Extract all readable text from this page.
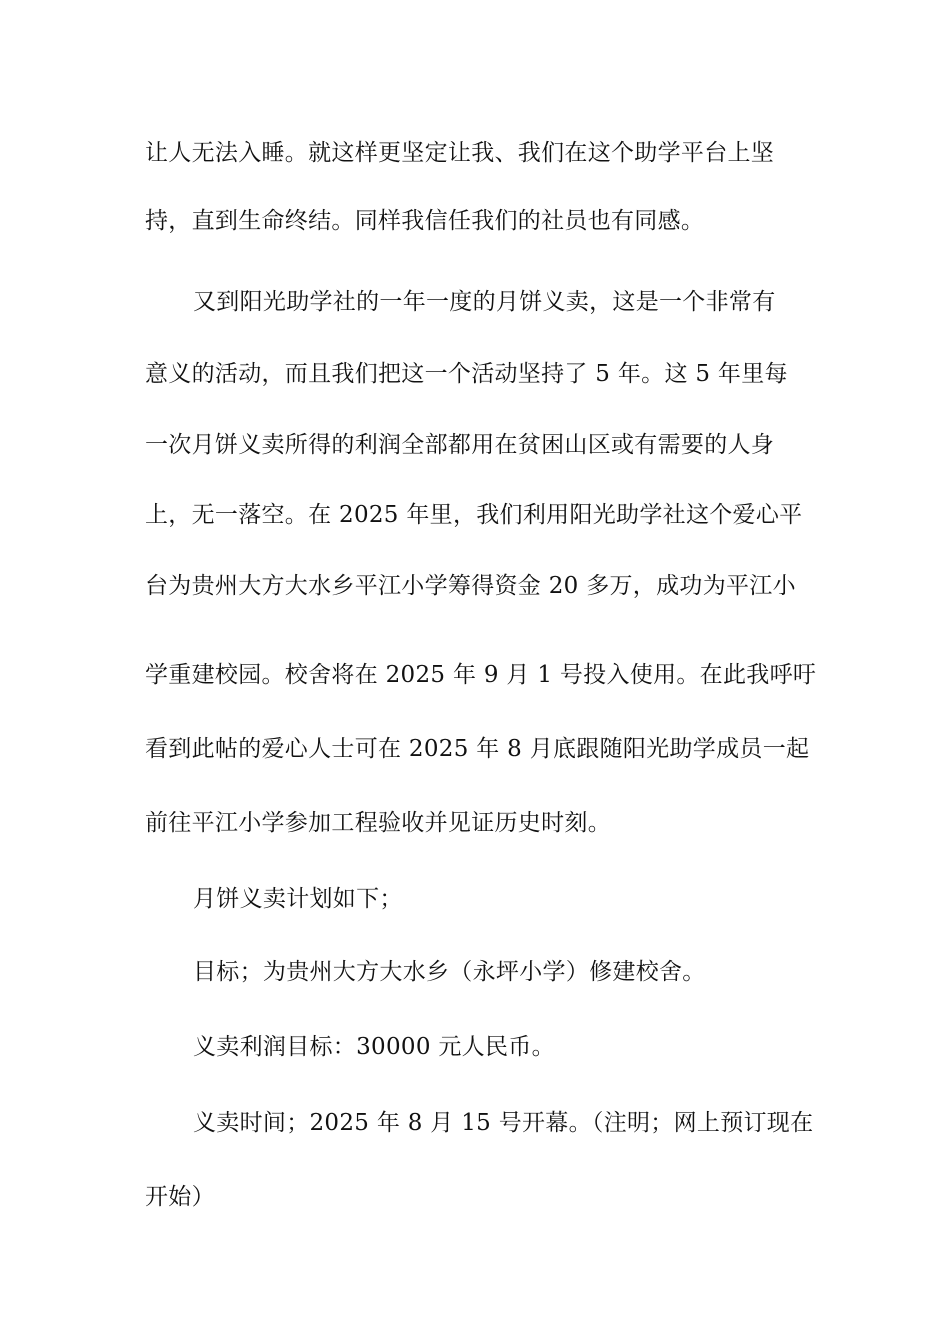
让人无法入睡。就这样更坚定让我、我们在这个助学平台上坚
持，直到生命终结。同样我信任我们的社员也有同感。
又到阳光助学社的一年一度的月饼义卖，这是一个非常有
意义的活动，而且我们把这一个活动坚持了 5 年。这 5 年里每
一次月饼义卖所得的利润全部都用在贫困山区或有需要的人身
上，无一落空。在 2025 年里，我们利用阳光助学社这个爱心平
台为贵州大方大水乡平江小学筹得资金 20 多万，成功为平江小
学重建校园。校舍将在 2025 年 9 月 1 号投入使用。在此我呼吁
看到此帖的爱心人士可在 2025 年 8 月底跟随阳光助学成员一起
前往平江小学参加工程验收并见证历史时刻。
月饼义卖计划如下；
目标；为贵州大方大水乡（永坪小学）修建校舍。
义卖利润目标：30000 元人民币。
义卖时间；2025 年 8 月 15 号开幕。（注明；网上预订现在
开始）
